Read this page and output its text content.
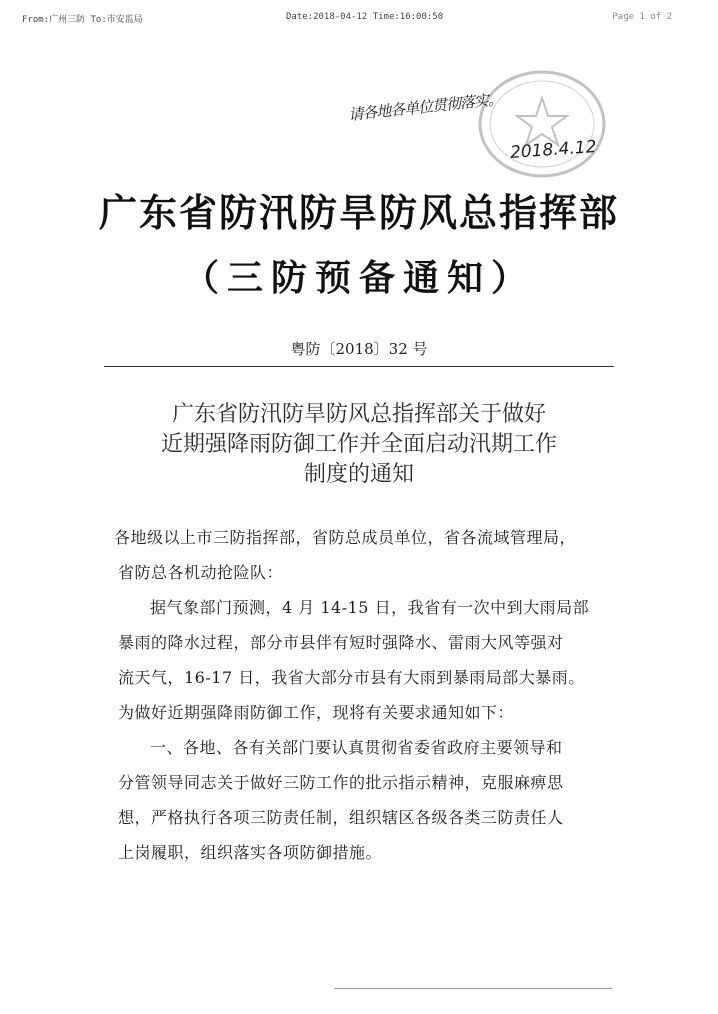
From:广州三防 To:市安监局	Date:2018-04-12 Time:16:00:50	Page 1 of 2
请各地各单位贯彻落实。
2018.4.12
广东省防汛防旱防风总指挥部
（三防预备通知）
粤防〔2018〕32 号
广东省防汛防旱防风总指挥部关于做好
近期强降雨防御工作并全面启动汛期工作
制度的通知

各地级以上市三防指挥部，省防总成员单位，省各流域管理局，
省防总各机动抢险队：

据气象部门预测，4 月 14-15 日，我省有一次中到大雨局部
暴雨的降水过程，部分市县伴有短时强降水、雷雨大风等强对
流天气，16-17 日，我省大部分市县有大雨到暴雨局部大暴雨。
为做好近期强降雨防御工作，现将有关要求通知如下：

一、各地、各有关部门要认真贯彻省委省政府主要领导和
分管领导同志关于做好三防工作的批示指示精神，克服麻痹思
想，严格执行各项三防责任制，组织辖区各级各类三防责任人
上岗履职，组织落实各项防御措施。
